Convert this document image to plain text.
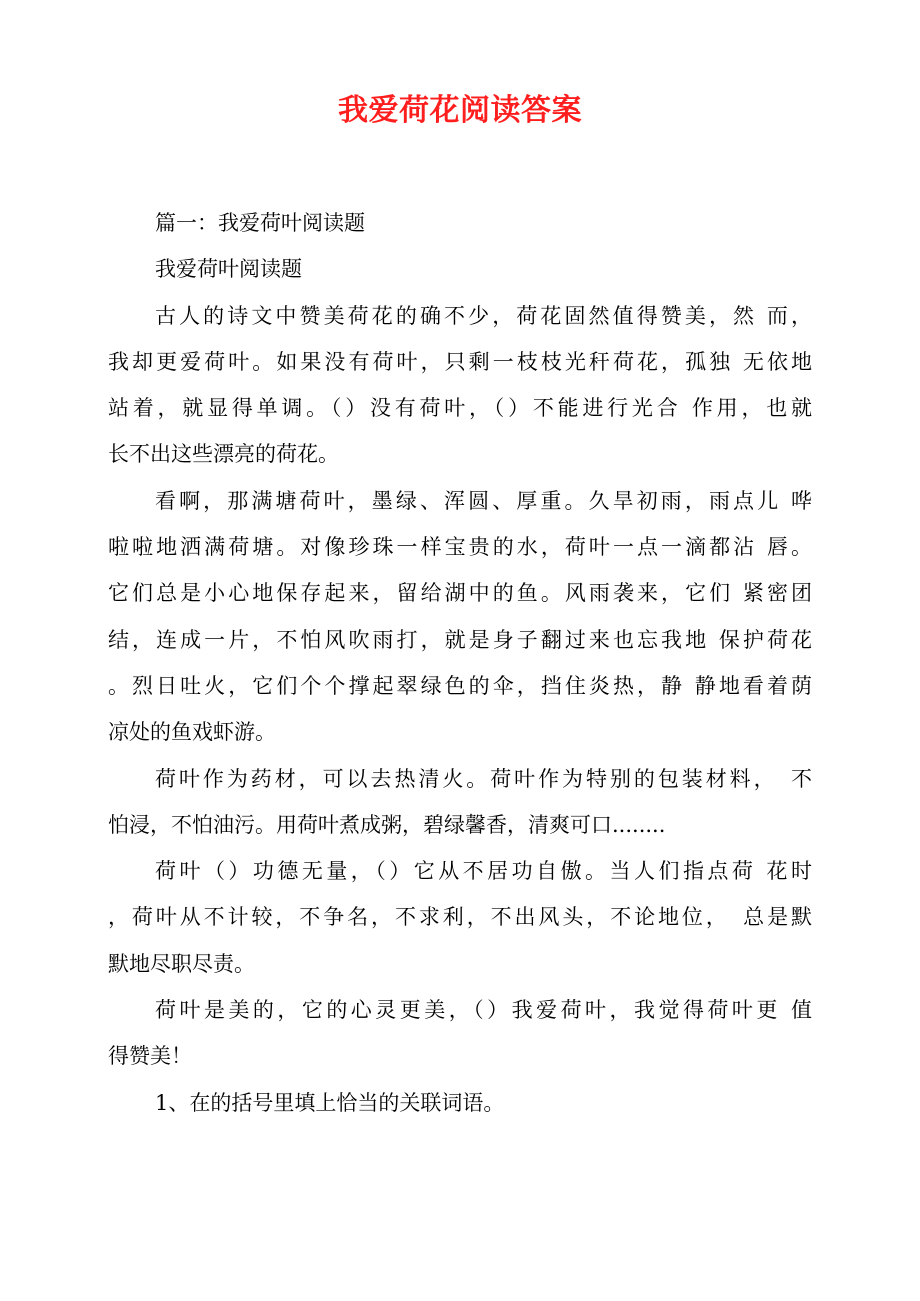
我爱荷花阅读答案
篇一：我爱荷叶阅读题
我爱荷叶阅读题
古人的诗文中赞美荷花的确不少，荷花固然值得赞美，然 而，
我却更爱荷叶。如果没有荷叶，只剩一枝枝光秆荷花，孤独 无依地
站着，就显得单调。（）没有荷叶，（）不能进行光合 作用，也就
长不出这些漂亮的荷花。
看啊，那满塘荷叶，墨绿、浑圆、厚重。久旱初雨，雨点儿 哗
啦啦地洒满荷塘。对像珍珠一样宝贵的水，荷叶一点一滴都沾 唇。
它们总是小心地保存起来，留给湖中的鱼。风雨袭来，它们 紧密团
结，连成一片，不怕风吹雨打，就是身子翻过来也忘我地 保护荷花
。烈日吐火，它们个个撑起翠绿色的伞，挡住炎热，静 静地看着荫
凉处的鱼戏虾游。
荷叶作为药材，可以去热清火。荷叶作为特别的包装材料，　不
怕浸，不怕油污。用荷叶煮成粥，碧绿馨香，清爽可口........
荷叶（）功德无量，（）它从不居功自傲。当人们指点荷 花时
，荷叶从不计较，不争名，不求利，不出风头，不论地位，　总是默
默地尽职尽责。
荷叶是美的，它的心灵更美，（）我爱荷叶，我觉得荷叶更 值
得赞美！
1、在的括号里填上恰当的关联词语。
